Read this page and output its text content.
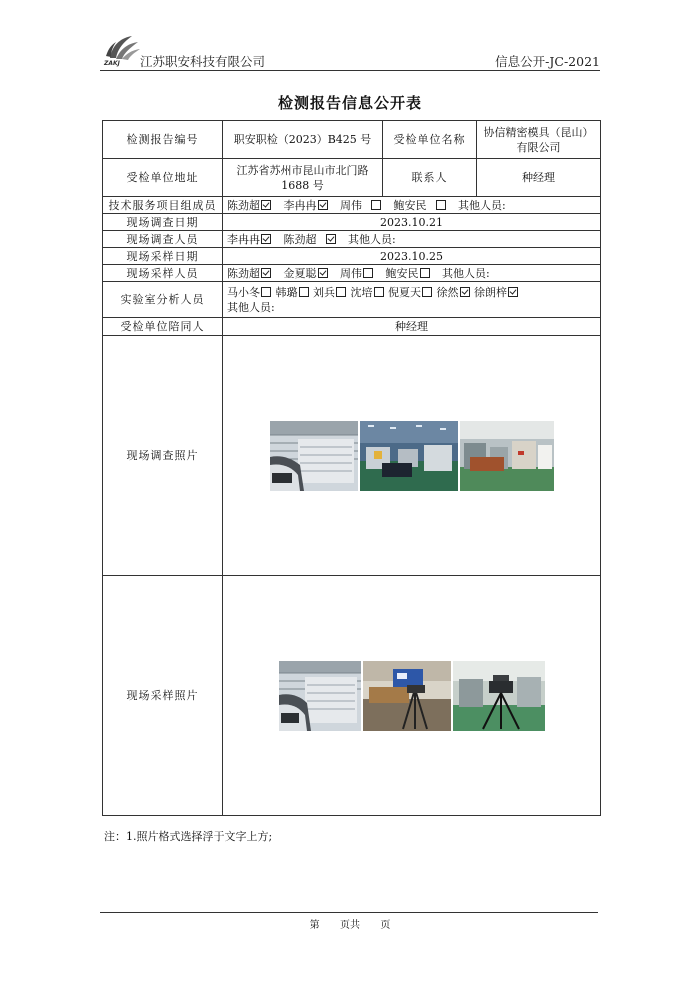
ZAKJ 江苏职安科技有限公司	信息公开-JC-2021
检测报告信息公开表
检测报告编号	职安职检（2023）B425 号	受检单位名称	协信精密模具（昆山）
有限公司

受检单位地址	江苏省苏州市昆山市北门路
1688 号	联系人	种经理
技术服务项目组成员	陈劲超 李冉冉 周伟 鲍安民 其他人员:		
现场调查日期	2023.10.21		
现场调查人员	李冉冉 陈劲超 其他人员:		
现场采样日期	2023.10.25		
现场采样人员	陈劲超 金夏聪 周伟 鲍安民 其他人员:		
实验室分析人员	马小冬 韩璐 刘兵 沈培 倪夏天 徐然 徐朗梓
其他人员:		

受检单位陪同人	种经理		
现场调查照片	

现场采样照片	
注：1.照片格式选择浮于文字上方;
第 页共 页
